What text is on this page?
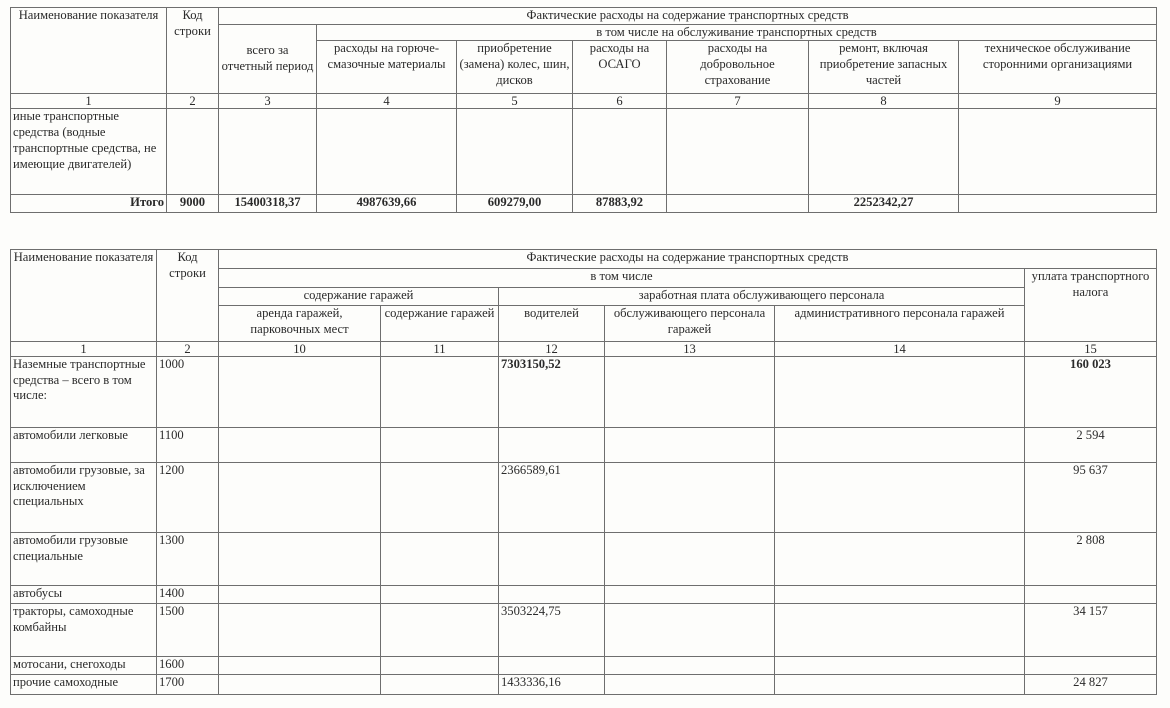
Наименование показателя	Код строки	Фактические расходы на содержание транспортных средств						
		всего за отчетный период	в том числе на обслуживание транспортных средств					
			расходы на горюче-смазочные материалы	приобретение (замена) колес, шин, дисков	расходы на ОСАГО	расходы на добровольное страхование	ремонт, включая приобретение запасных частей	техническое обслуживание сторонними организациями
1	2	3	4	5	6	7	8	9
иные транспортные средства (водные транспортные средства, не имеющие двигателей)								
Итого	9000	15400318,37	4987639,66	609279,00	87883,92		2252342,27	
Наименование показателя	Код строки	Фактические расходы на содержание транспортных средств					
		в том числе					уплата транспортного налога
		содержание гаражей		заработная плата обслуживающего персонала			
		аренда гаражей, парковочных мест	содержание гаражей	водителей	обслуживающего персонала гаражей	административного персонала гаражей	
1	2	10	11	12	13	14	15
Наземные транспортные средства – всего в том числе:	1000			7303150,52			160 023
автомобили легковые	1100						2 594
автомобили грузовые, за исключением специальных	1200			2366589,61			95 637
автомобили грузовые специальные	1300						2 808
автобусы	1400						
тракторы, самоходные комбайны	1500			3503224,75			34 157
мотосани, снегоходы	1600						
прочие самоходные	1700			1433336,16			24 827
